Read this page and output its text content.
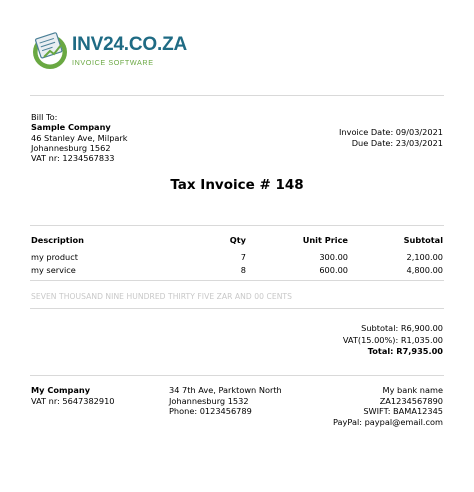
INV24.CO.ZA
INVOICE SOFTWARE
Bill To:
Sample Company
46 Stanley Ave, Milpark
Johannesburg 1562
VAT nr: 1234567833
Invoice Date: 09/03/2021
Due Date: 23/03/2021
Tax Invoice # 148
Description	Qty	Unit Price	Subtotal
my product	7	300.00	2,100.00
my service	8	600.00	4,800.00
SEVEN THOUSAND NINE HUNDRED THIRTY FIVE ZAR AND 00 CENTS
Subtotal: R6,900.00
VAT(15.00%): R1,035.00
Total: R7,935.00
My Company
VAT nr: 5647382910
34 7th Ave, Parktown North
Johannesburg 1532
Phone: 0123456789
My bank name
ZA1234567890
SWIFT: BAMA12345
PayPal: paypal@email.com
